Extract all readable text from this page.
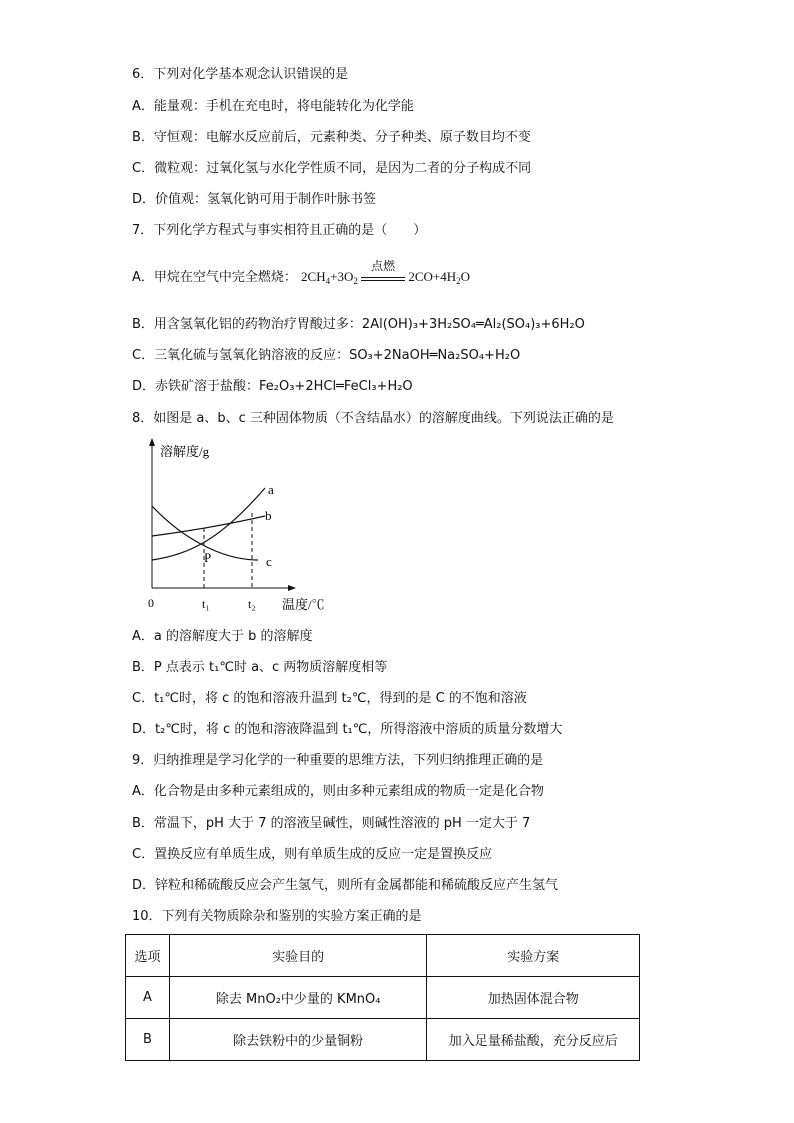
6．下列对化学基本观念认识错误的是
A．能量观：手机在充电时，将电能转化为化学能
B．守恒观：电解水反应前后，元素种类、分子种类、原子数目均不变
C．微粒观：过氧化氢与水化学性质不同，是因为二者的分子构成不同
D．价值观：氢氧化钠可用于制作叶脉书签
7．下列化学方程式与事实相符且正确的是（　　）
A．甲烷在空气中完全燃烧： $2CH_4+3O_2$
点燃
$2CO+4H_2O$
B．用含氢氧化铝的药物治疗胃酸过多：2Al(OH)₃+3H₂SO₄═Al₂(SO₄)₃+6H₂O
C．三氧化硫与氢氧化钠溶液的反应：SO₃+2NaOH═Na₂SO₄+H₂O
D．赤铁矿溶于盐酸：Fe₂O₃+2HCl═FeCl₃+H₂O
8．如图是 a、b、c 三种固体物质（不含结晶水）的溶解度曲线。下列说法正确的是
溶解度/g
温度/℃
0	t₁	t₂
a
b
c
P
A．a 的溶解度大于 b 的溶解度
B．P 点表示 t₁℃时 a、c 两物质溶解度相等
C．t₁℃时，将 c 的饱和溶液升温到 t₂℃，得到的是 C 的不饱和溶液
D．t₂℃时，将 c 的饱和溶液降温到 t₁℃，所得溶液中溶质的质量分数增大
9．归纳推理是学习化学的一种重要的思维方法，下列归纳推理正确的是
A．化合物是由多种元素组成的，则由多种元素组成的物质一定是化合物
B．常温下，pH 大于 7 的溶液呈碱性，则碱性溶液的 pH 一定大于 7
C．置换反应有单质生成，则有单质生成的反应一定是置换反应
D．锌粒和稀硫酸反应会产生氢气，则所有金属都能和稀硫酸反应产生氢气
10．下列有关物质除杂和鉴别的实验方案正确的是
选项	实验目的	实验方案
A	除去 MnO₂中少量的 KMnO₄	加热固体混合物
B	除去铁粉中的少量铜粉	加入足量稀盐酸，充分反应后
